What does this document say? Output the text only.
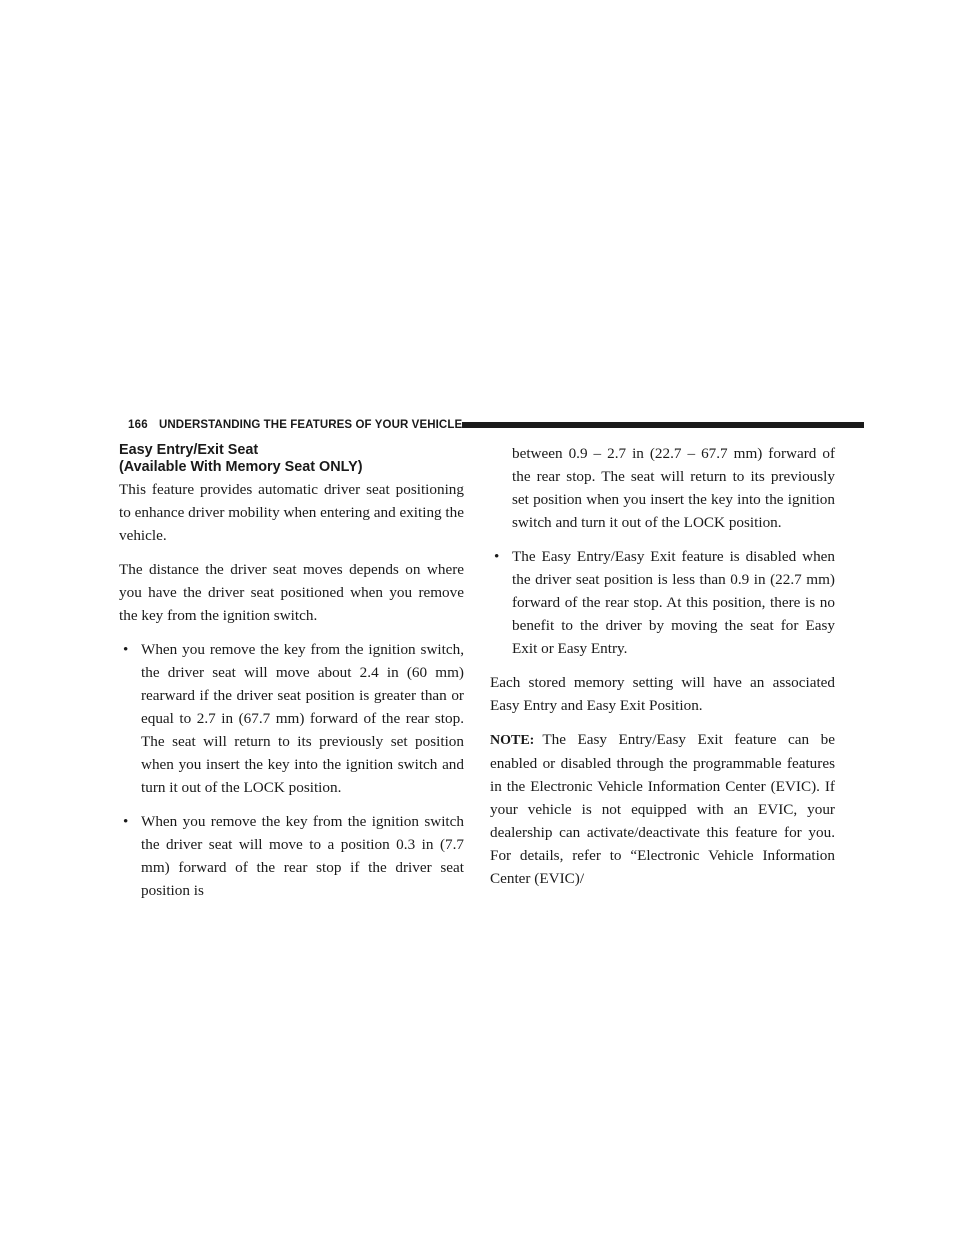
166 UNDERSTANDING THE FEATURES OF YOUR VEHICLE
Easy Entry/Exit Seat
(Available With Memory Seat ONLY)

This feature provides automatic driver seat positioning to enhance driver mobility when entering and exiting the vehicle.

The distance the driver seat moves depends on where you have the driver seat positioned when you remove the key from the ignition switch.

• When you remove the key from the ignition switch, the driver seat will move about 2.4 in (60 mm) rearward if the driver seat position is greater than or equal to 2.7 in (67.7 mm) forward of the rear stop. The seat will return to its previously set position when you insert the key into the ignition switch and turn it out of the LOCK position.
• When you remove the key from the ignition switch the driver seat will move to a position 0.3 in (7.7 mm) forward of the rear stop if the driver seat position is
between 0.9 – 2.7 in (22.7 – 67.7 mm) forward of the rear stop. The seat will return to its previously set position when you insert the key into the ignition switch and turn it out of the LOCK position.
• The Easy Entry/Easy Exit feature is disabled when the driver seat position is less than 0.9 in (22.7 mm) forward of the rear stop. At this position, there is no benefit to the driver by moving the seat for Easy Exit or Easy Entry.

Each stored memory setting will have an associated Easy Entry and Easy Exit Position.

NOTE: The Easy Entry/Easy Exit feature can be enabled or disabled through the programmable features in the Electronic Vehicle Information Center (EVIC). If your vehicle is not equipped with an EVIC, your dealership can activate/deactivate this feature for you. For details, refer to “Electronic Vehicle Information Center (EVIC)/
